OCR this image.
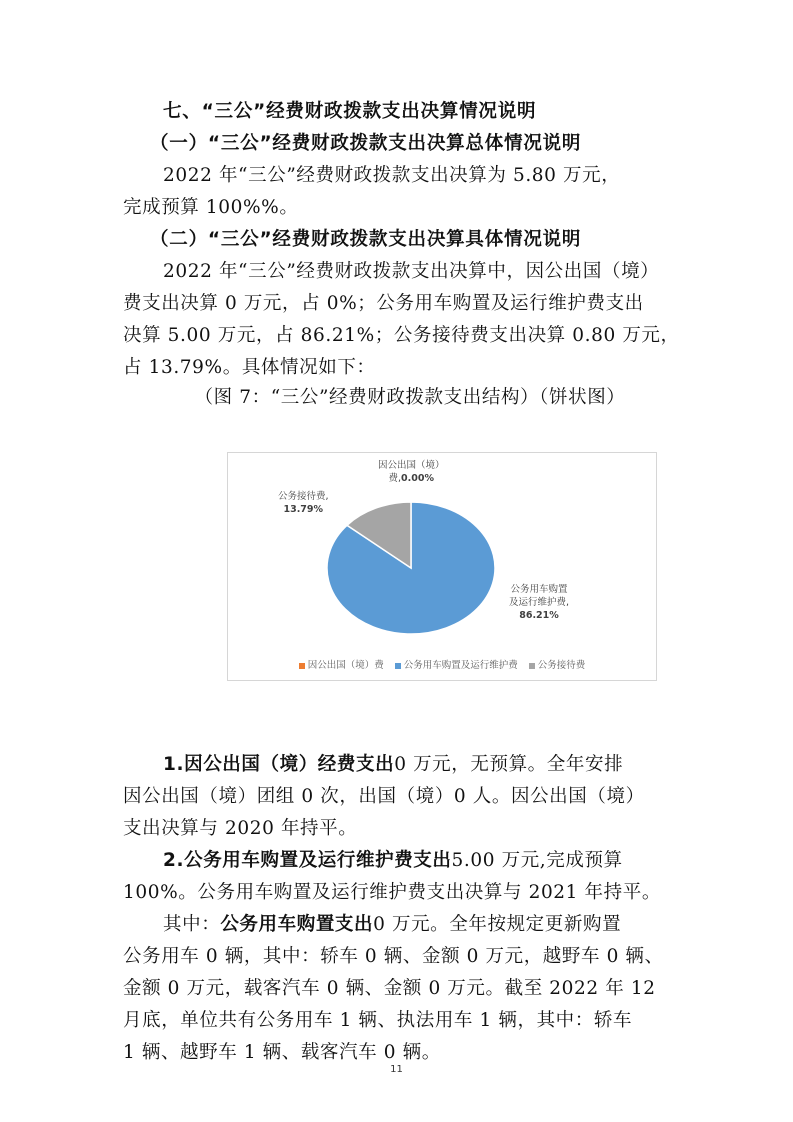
七、“三公”经费财政拨款支出决算情况说明
（一）“三公”经费财政拨款支出决算总体情况说明
2022 年“三公”经费财政拨款支出决算为 5.80 万元，
完成预算 100%%。
（二）“三公”经费财政拨款支出决算具体情况说明
2022 年“三公”经费财政拨款支出决算中，因公出国（境）
费支出决算 0 万元，占 0%；公务用车购置及运行维护费支出
决算 5.00 万元，占 86.21%；公务接待费支出决算 0.80 万元，
占 13.79%。具体情况如下：
（图 7：“三公”经费财政拨款支出结构）（饼状图）
因公出国（境）
费,0.00%
公务用车购置
及运行维护费,
86.21%
公务接待费,
13.79%
因公出国（境）费 公务用车购置及运行维护费 公务接待费
1.因公出国（境）经费支出0 万元，无预算。全年安排
因公出国（境）团组 0 次，出国（境）0 人。因公出国（境）
支出决算与 2020 年持平。
2.公务用车购置及运行维护费支出5.00 万元,完成预算
100%。公务用车购置及运行维护费支出决算与 2021 年持平。
其中：公务用车购置支出0 万元。全年按规定更新购置
公务用车 0 辆，其中：轿车 0 辆、金额 0 万元，越野车 0 辆、
金额 0 万元，载客汽车 0 辆、金额 0 万元。截至 2022 年 12
月底，单位共有公务用车 1 辆、执法用车 1 辆，其中：轿车
1 辆、越野车 1 辆、载客汽车 0 辆。
11
